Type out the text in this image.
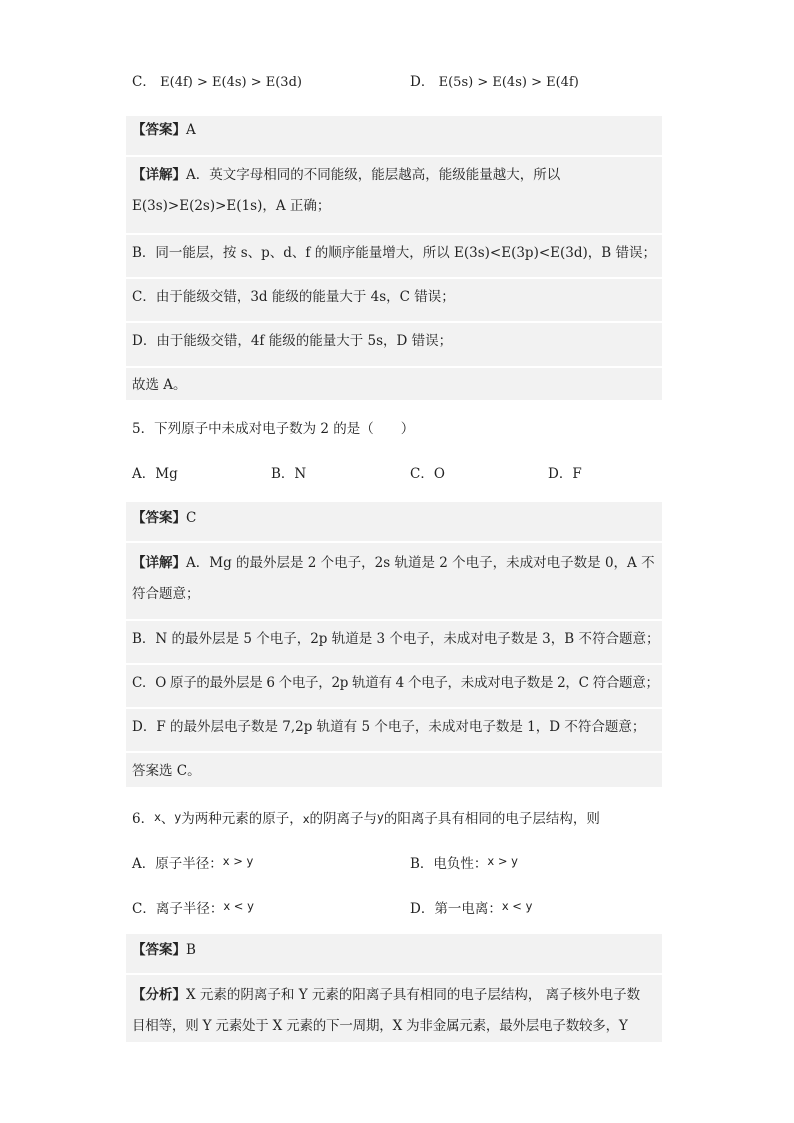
C． E(4f) > E(4s) > E(3d)	D． E(5s) > E(4s) > E(4f)
【答案】A
【详解】A．英文字母相同的不同能级，能层越高，能级能量越大，所以
E(3s)>E(2s)>E(1s)，A 正确；
B．同一能层，按 s、p、d、f 的顺序能量增大，所以 E(3s)<E(3p)<E(3d)，B 错误；
C．由于能级交错，3d 能级的能量大于 4s，C 错误；
D．由于能级交错，4f 能级的能量大于 5s，D 错误；
故选 A。
5．下列原子中未成对电子数为 2 的是（　　）
A．Mg	B．N	C．O	D．F
【答案】C
【详解】A．Mg 的最外层是 2 个电子，2s 轨道是 2 个电子，未成对电子数是 0，A 不
符合题意；
B．N 的最外层是 5 个电子，2p 轨道是 3 个电子，未成对电子数是 3，B 不符合题意；
C．O 原子的最外层是 6 个电子，2p 轨道有 4 个电子，未成对电子数是 2，C 符合题意；
D．F 的最外层电子数是 7,2p 轨道有 5 个电子，未成对电子数是 1，D 不符合题意；
答案选 C。
6．x、y为两种元素的原子，x的阴离子与y的阳离子具有相同的电子层结构，则
A．原子半径：x > y	B．电负性：x > y
C．离子半径：x < y	D．第一电离：x < y
【答案】B
【分析】X 元素的阴离子和 Y 元素的阳离子具有相同的电子层结构， 离子核外电子数
目相等，则 Y 元素处于 X 元素的下一周期，X 为非金属元素，最外层电子数较多，Y
